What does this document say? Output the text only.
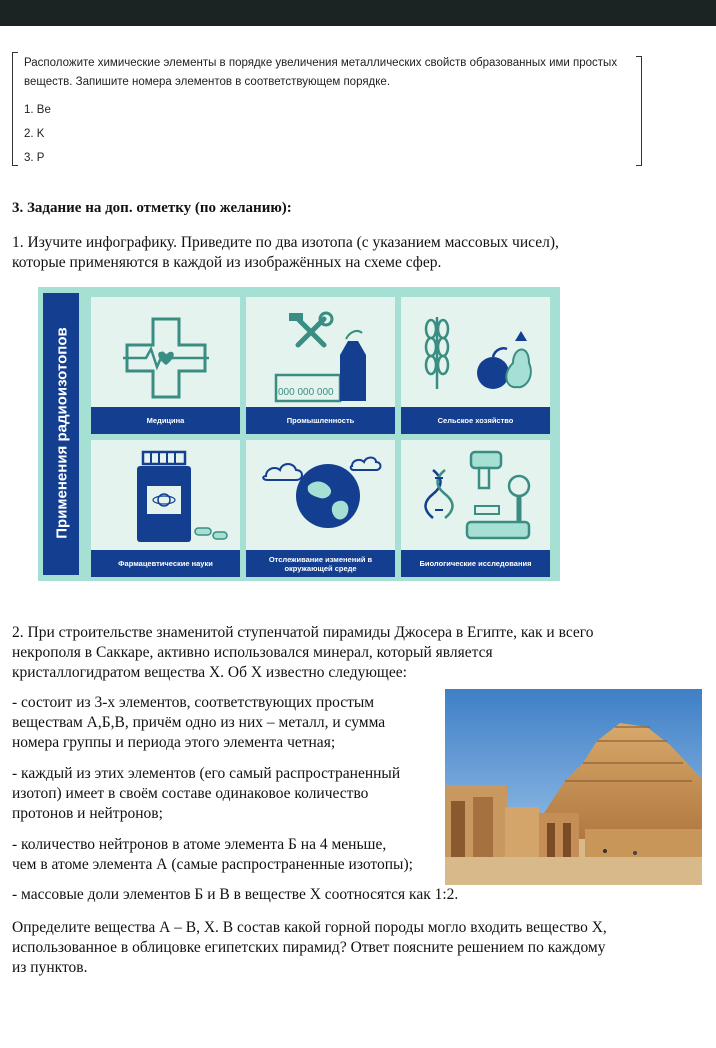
Расположите химические элементы в порядке увеличения металлических свойств образованных ими простых веществ. Запишите номера элементов в соответствующем порядке.
1. Be
2. K
3. P
3. Задание на доп. отметку (по желанию):
1. Изучите инфографику. Приведите по два изотопа (с указанием массовых чисел),
которые применяются в каждой из изображённых на схеме сфер.
Применения радиоизотопов	Медицина
000 000 000
Промышленность	Сельское хозяйство
Фармацевтические науки	Отслеживание изменений в окружающей среде	Биологические исследования
2. При строительстве знаменитой ступенчатой пирамиды Джосера в Египте, как и всего
некрополя в Саккаре, активно использовался минерал, который является
кристаллогидратом вещества Х. Об Х известно следующее:
- состоит из 3-х элементов, соответствующих простым
веществам А,Б,В, причём одно из них – металл, и сумма
номера группы и периода этого элемента четная;
- каждый из этих элементов (его самый распространенный
изотоп) имеет в своём составе одинаковое количество
протонов и нейтронов;
- количество нейтронов в атоме элемента Б на 4 меньше,
чем в атоме элемента А (самые распространенные изотопы);
- массовые доли элементов Б и В в веществе Х соотносятся как 1:2.
Определите вещества А – В, Х. В состав какой горной породы могло входить вещество Х,
использованное в облицовке египетских пирамид? Ответ поясните решением по каждому
из пунктов.
